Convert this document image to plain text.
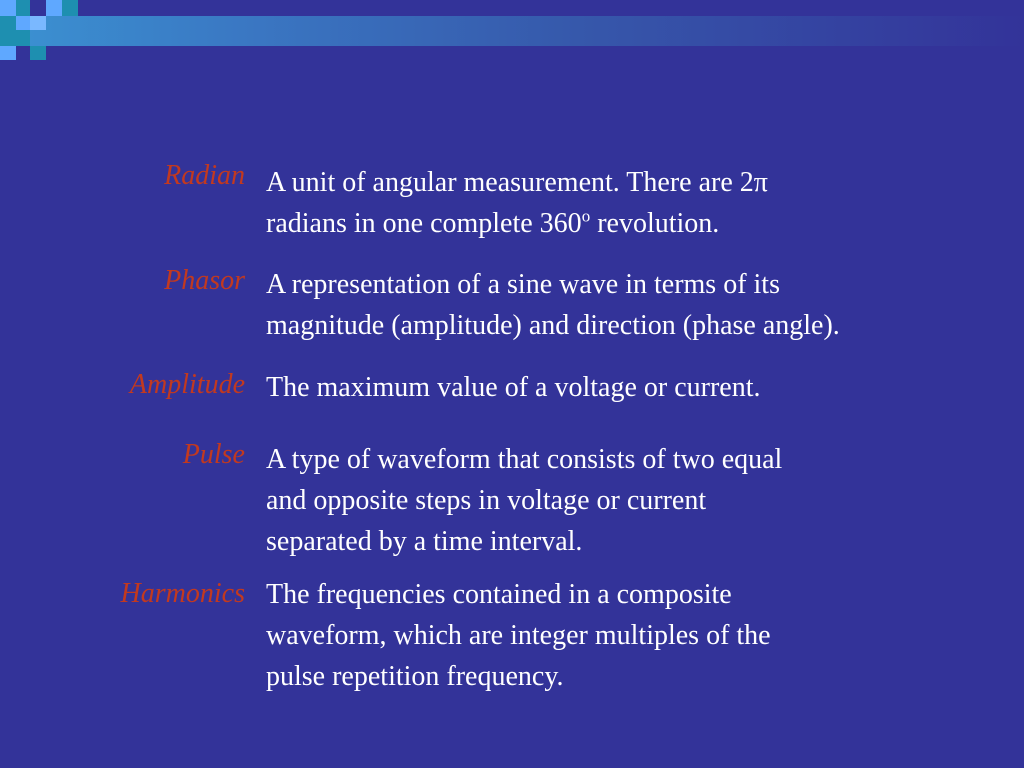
Radian A unit of angular measurement. There are 2π
radians in one complete 360$^o$ revolution.
Phasor A representation of a sine wave in terms of its
magnitude (amplitude) and direction (phase angle).
Amplitude The maximum value of a voltage or current.
Pulse A type of waveform that consists of two equal
and opposite steps in voltage or current
separated by a time interval.
Harmonics The frequencies contained in a composite
waveform, which are integer multiples of the
pulse repetition frequency.
